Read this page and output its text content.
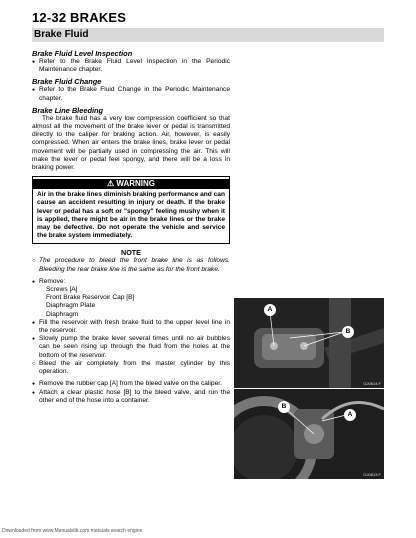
12-32 BRAKES
Brake Fluid
Brake Fluid Level Inspection
● Refer to the Brake Fluid Level Inspection in the Periodic Maintenance chapter.
Brake Fluid Change
● Refer to the Brake Fluid Change in the Periodic Maintenance chapter.
Brake Line Bleeding
The brake fluid has a very low compression coefficient so that almost all the movement of the brake lever or pedal is transmitted directly to the caliper for braking action. Air, however, is easily compressed. When air enters the brake lines, brake lever or pedal movement will be partially used in compressing the air. This will make the lever or pedal feel spongy, and there will be a loss in braking power.
⚠ WARNING
Air in the brake lines diminish braking performance and can cause an accident resulting in injury or death. If the brake lever or pedal has a soft or "spongy" feeling mushy when it is applied, there might be air in the brake lines or the brake may be defective. Do not operate the vehicle and service the brake system immediately.
NOTE
○ The procedure to bleed the front brake line is as follows. Bleeding the rear brake line is the same as for the front brake.
● Remove:
Screws [A]
Front Brake Reservoir Cap [B]
Diaphragm Plate
Diaphragm
● Fill the reservoir with fresh brake fluid to the upper level line in the reservoir.
● Slowly pump the brake lever several times until no air bubbles can be seen rising up through the fluid from the holes at the bottom of the reservoir.
○ Bleed the air completely from the master cylinder by this operation.
● Remove the rubber cap [A] from the bleed valve on the caliper.
● Attach a clear plastic hose [B] to the bleed valve, and run the other end of the hose into a container.
A
B
GJ0814 F
B
A
GJ0813 F
Downloaded from www.Manualslib.com manuals search engine
